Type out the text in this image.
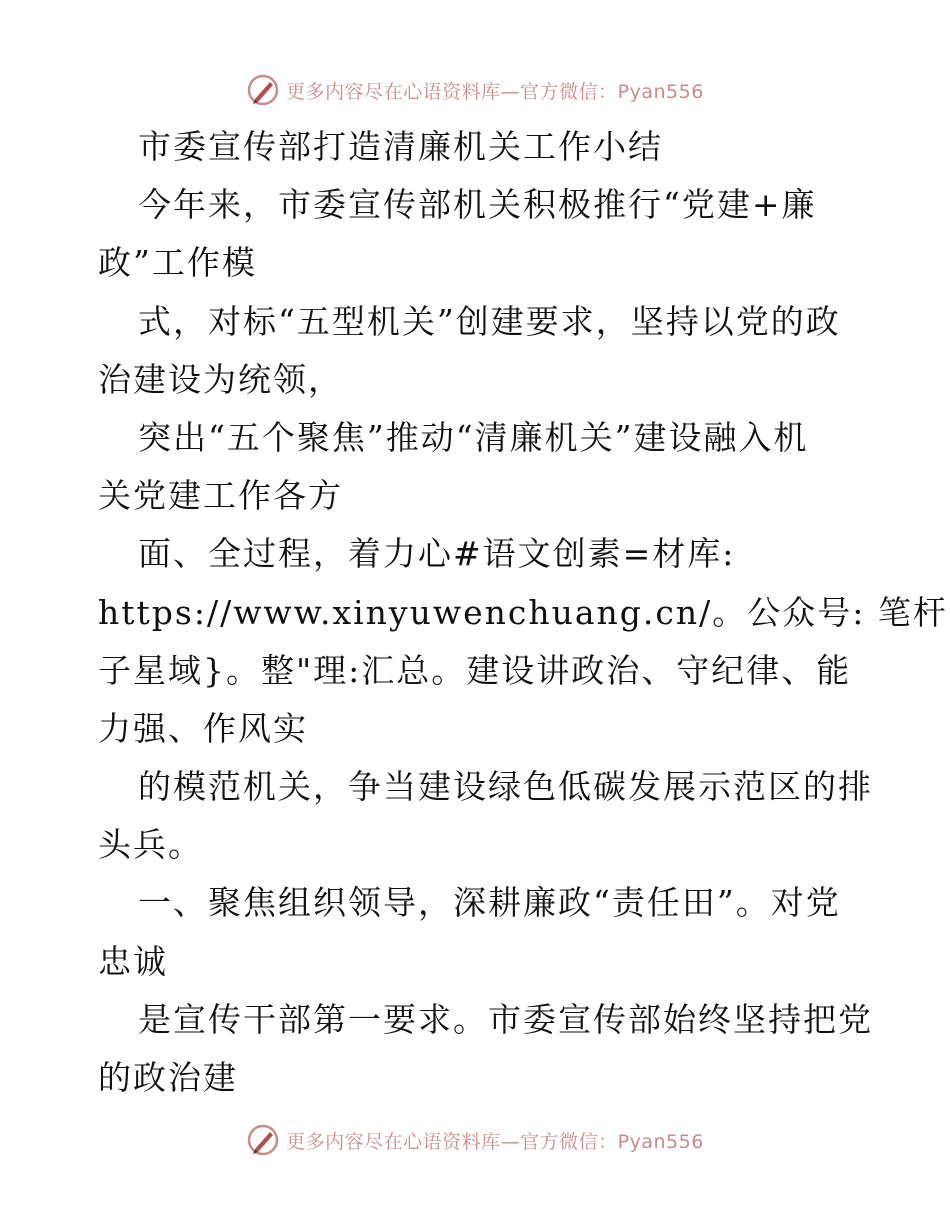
更多内容尽在心语资料库—官方微信：Pyan556
市委宣传部打造清廉机关工作小结
今年来，市委宣传部机关积极推行“党建+廉
政”工作模
式，对标“五型机关”创建要求，坚持以党的政
治建设为统领，
突出“五个聚焦”推动“清廉机关”建设融入机
关党建工作各方
面、全过程，着力心#语文创素=材库:
https://www.xinyuwenchuang.cn/。公众号: 笔杆
子星域}。整"理:汇总。建设讲政治、守纪律、能
力强、作风实
的模范机关，争当建设绿色低碳发展示范区的排
头兵。
一、聚焦组织领导，深耕廉政“责任田”。对党
忠诚
是宣传干部第一要求。市委宣传部始终坚持把党
的政治建
更多内容尽在心语资料库—官方微信：Pyan556
